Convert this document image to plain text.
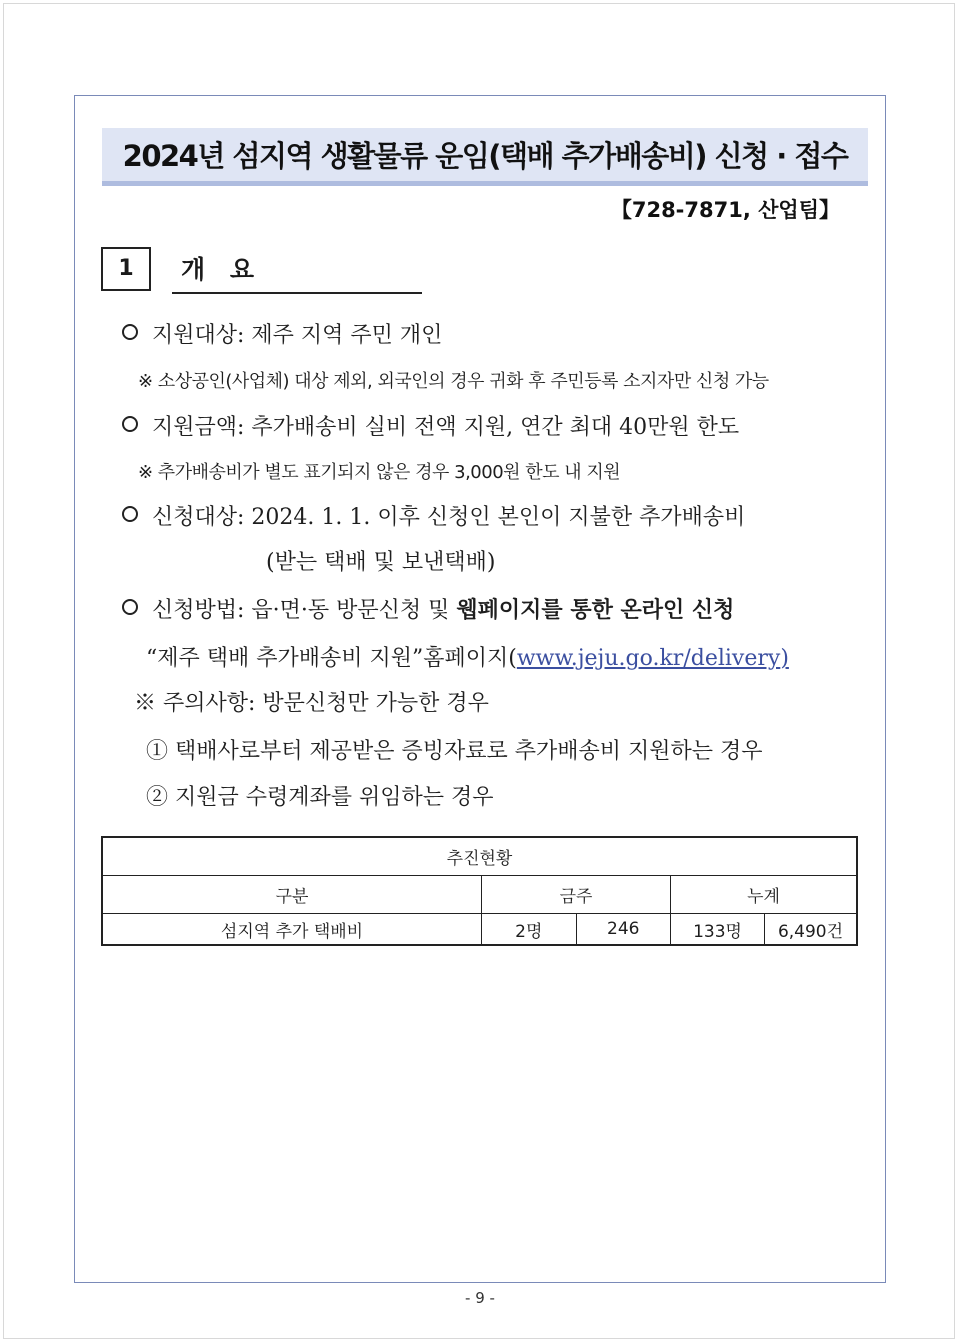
2024년 섬지역 생활물류 운임(택배 추가배송비) 신청 · 접수
【728-7871, 산업팀】
1	개 요
지원대상: 제주 지역 주민 개인
※ 소상공인(사업체) 대상 제외, 외국인의 경우 귀화 후 주민등록 소지자만 신청 가능
지원금액: 추가배송비 실비 전액 지원, 연간 최대 40만원 한도
※ 추가배송비가 별도 표기되지 않은 경우 3,000원 한도 내 지원
신청대상: 2024. 1. 1. 이후 신청인 본인이 지불한 추가배송비
(받는 택배 및 보낸택배)
신청방법: 읍·면·동 방문신청 및 웹페이지를 통한 온라인 신청
“제주 택배 추가배송비 지원”홈페이지(www.jeju.go.kr/delivery)
※ 주의사항: 방문신청만 가능한 경우
① 택배사로부터 제공받은 증빙자료로 추가배송비 지원하는 경우
② 지원금 수령계좌를 위임하는 경우
추진현황				
구분	금주		누계	
섬지역 추가 택배비	2명	246	133명	6,490건
- 9 -
